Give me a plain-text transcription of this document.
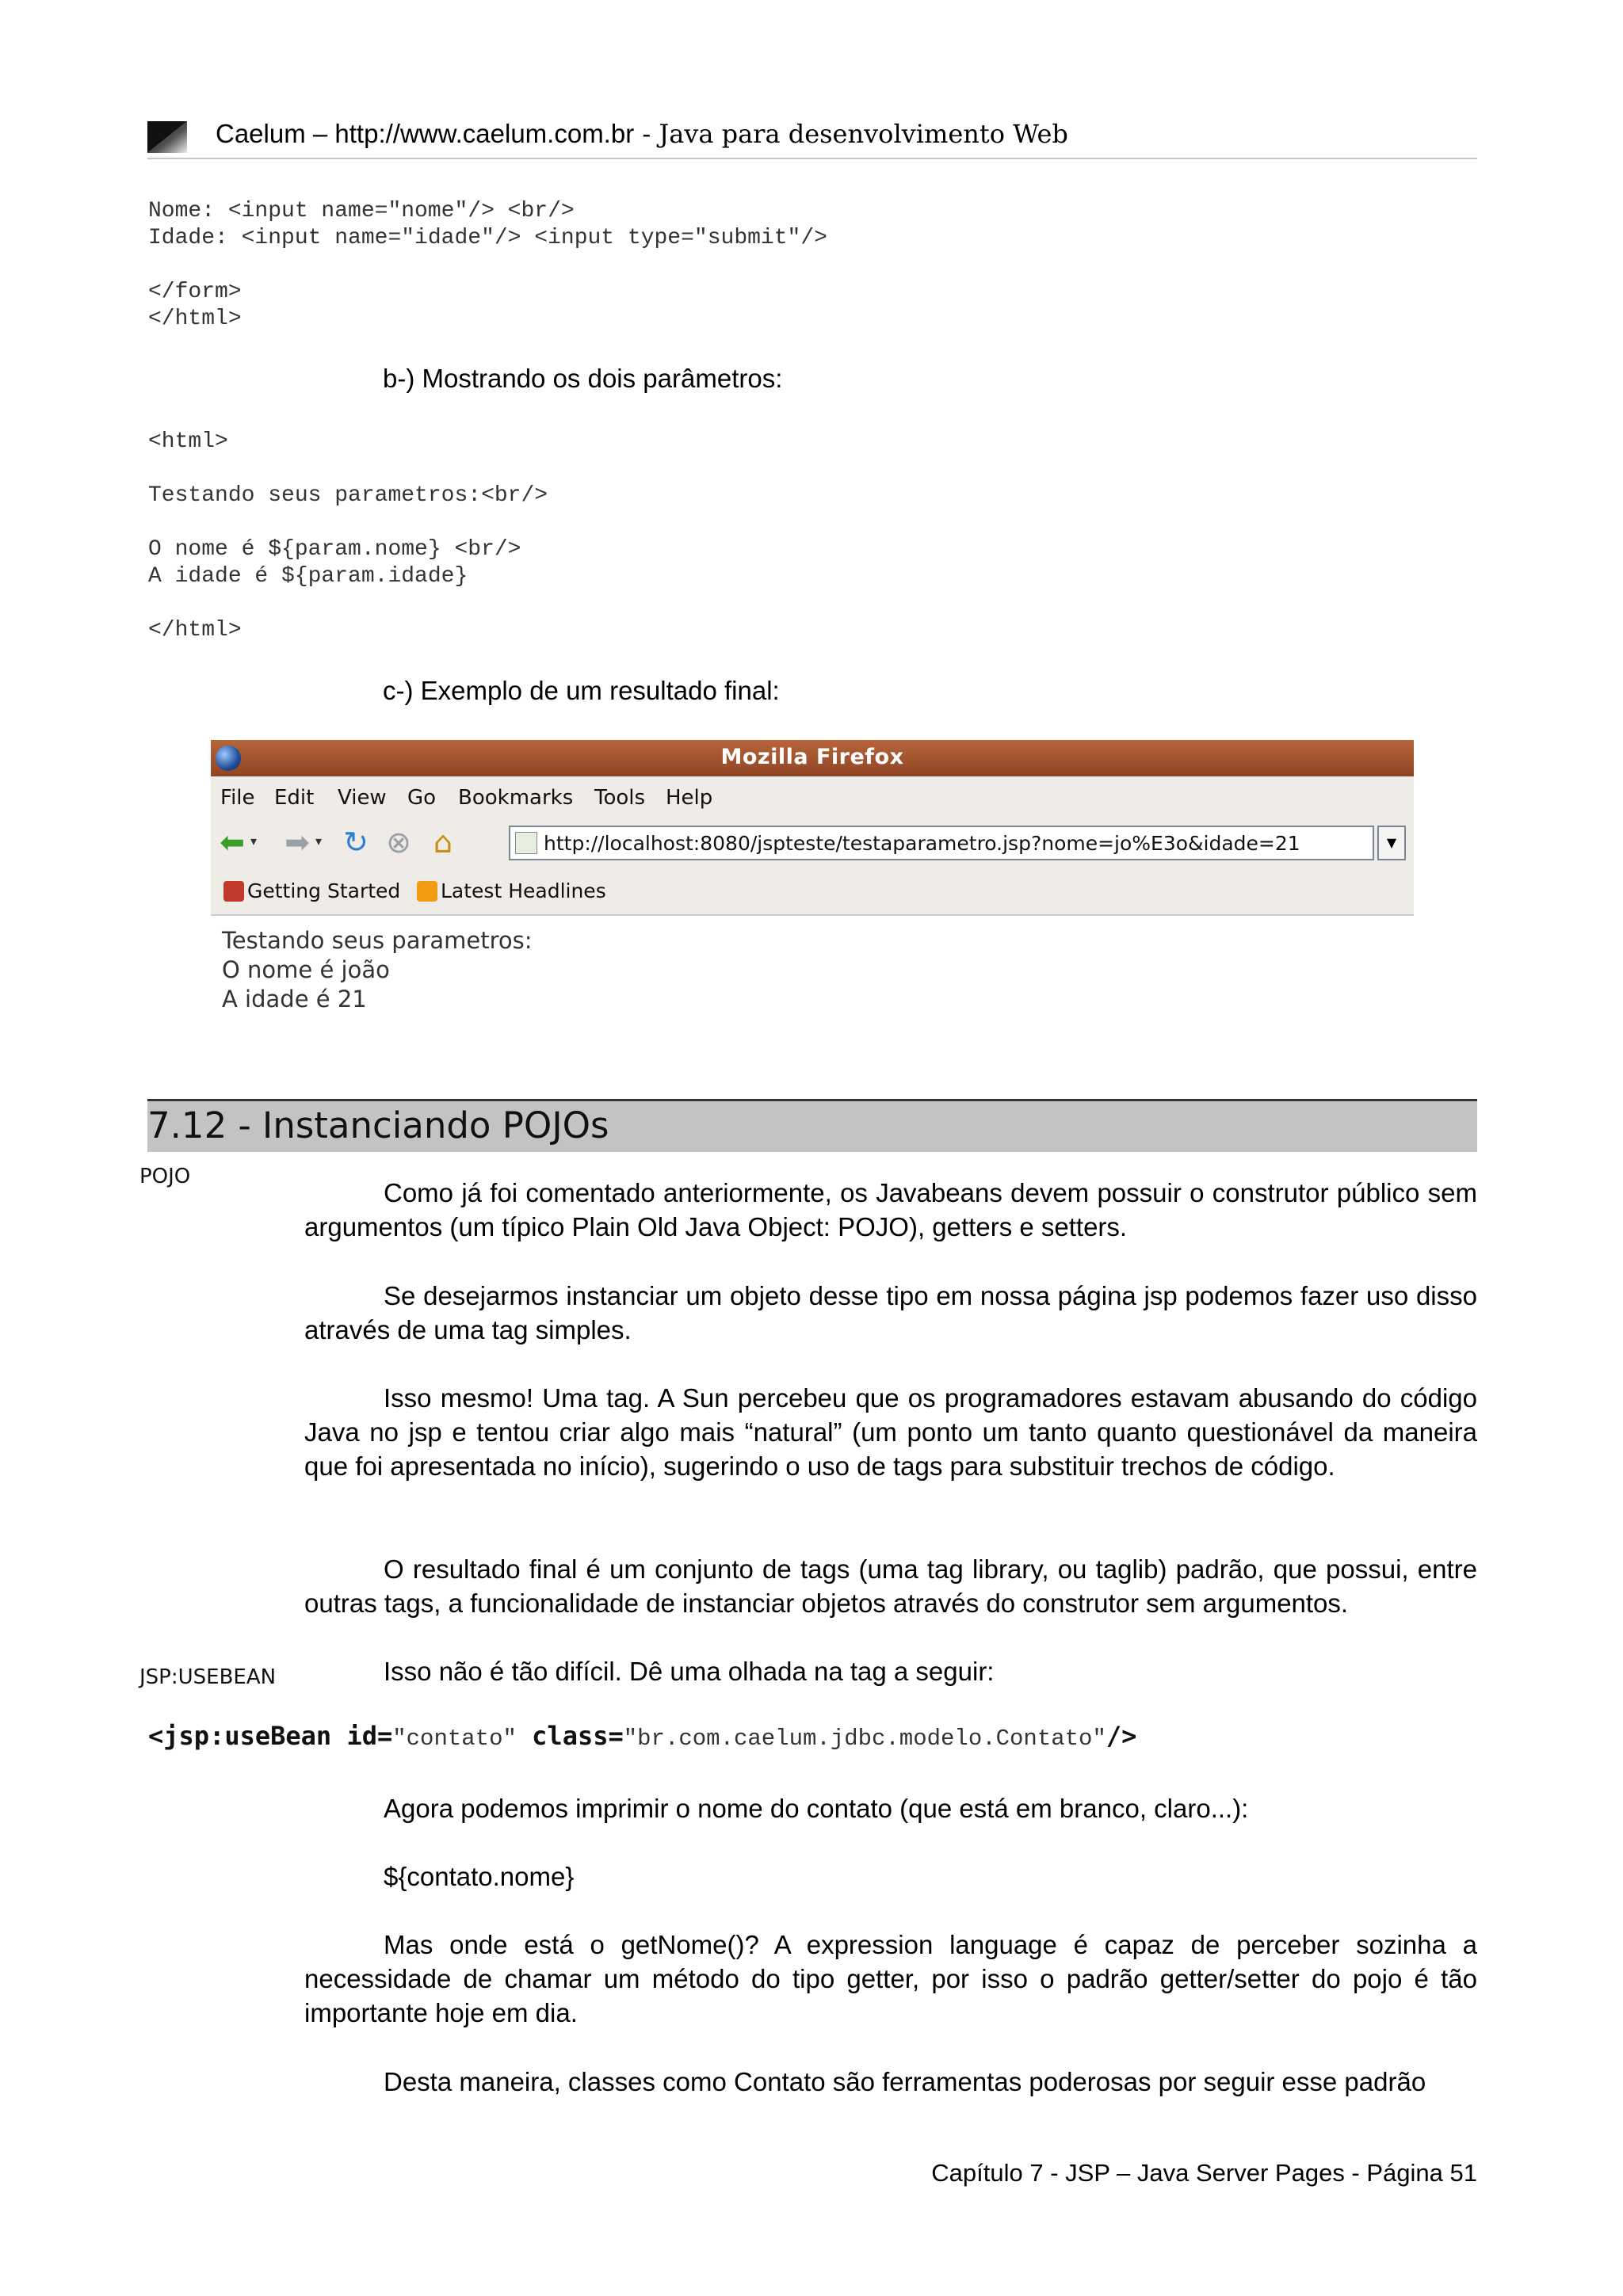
Caelum – http://www.caelum.com.br - Java para desenvolvimento Web
Nome: <input name="nome"/> <br/>
Idade: <input name="idade"/> <input type="submit"/>

</form>
</html>
b-) Mostrando os dois parâmetros:
<html>

Testando seus parametros:<br/>

O nome é ${param.nome} <br/>
A idade é ${param.idade}

</html>
c-) Exemplo de um resultado final:
Mozilla Firefox
File Edit View Go Bookmarks Tools Help
⬅ ▾ ➡ ▾ ↻ ⊗ ⌂	http://localhost:8080/jspteste/testaparametro.jsp?nome=jo%E3o&idade=21	▼
Getting Started	Latest Headlines
Testando seus parametros:
O nome é joão
A idade é 21
7.12 - Instanciando POJOs
POJO

Como já foi comentado anteriormente, os Javabeans devem possuir o construtor público sem argumentos (um típico Plain Old Java Object: POJO), getters e setters.

Se desejarmos instanciar um objeto desse tipo em nossa página jsp podemos fazer uso disso através de uma tag simples.

Isso mesmo! Uma tag. A Sun percebeu que os programadores estavam abusando do código Java no jsp e tentou criar algo mais “natural” (um ponto um tanto quanto questionável da maneira que foi apresentada no início), sugerindo o uso de tags para substituir trechos de código.

O resultado final é um conjunto de tags (uma tag library, ou taglib) padrão, que possui, entre outras tags, a funcionalidade de instanciar objetos através do construtor sem argumentos.

JSP:USEBEAN	Isso não é tão difícil. Dê uma olhada na tag a seguir:

<jsp:useBean id="contato" class="br.com.caelum.jdbc.modelo.Contato"/>

Agora podemos imprimir o nome do contato (que está em branco, claro...):

${contato.nome}

Mas onde está o getNome()? A expression language é capaz de perceber sozinha a necessidade de chamar um método do tipo getter, por isso o padrão getter/setter do pojo é tão importante hoje em dia.

Desta maneira, classes como Contato são ferramentas poderosas por seguir esse padrão

Capítulo 7 - JSP – Java Server Pages - Página 51
